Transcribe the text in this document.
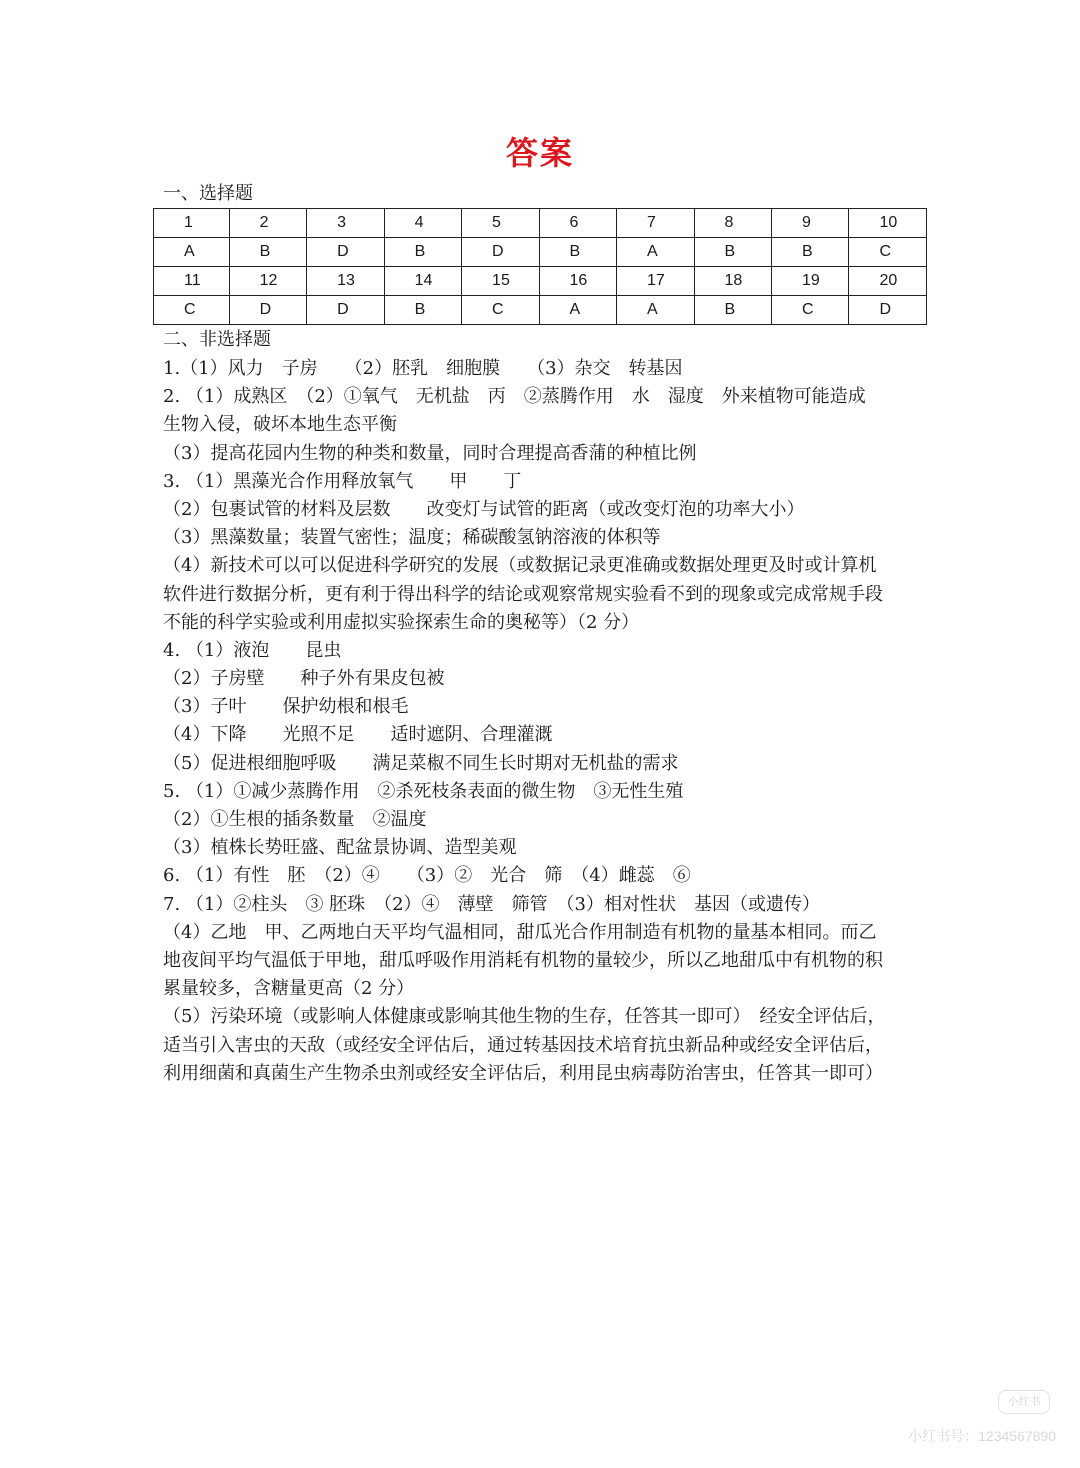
答案
一、选择题
1	2	3	4	5	6	7	8	9	10
A	B	D	B	D	B	A	B	B	C
11	12	13	14	15	16	17	18	19	20
C	D	D	B	C	A	A	B	C	D
二、非选择题
1.（1）风力　子房　　（2）胚乳　细胞膜　　（3）杂交　转基因
2. （1）成熟区　（2）①氧气　无机盐　丙　②蒸腾作用　水　湿度　外来植物可能造成
生物入侵，破坏本地生态平衡
（3）提高花园内生物的种类和数量，同时合理提高香蒲的种植比例
3. （1）黑藻光合作用释放氧气　　甲　　丁
（2）包裹试管的材料及层数　　改变灯与试管的距离（或改变灯泡的功率大小）
（3）黑藻数量；装置气密性；温度；稀碳酸氢钠溶液的体积等
（4）新技术可以可以促进科学研究的发展（或数据记录更准确或数据处理更及时或计算机
软件进行数据分析，更有利于得出科学的结论或观察常规实验看不到的现象或完成常规手段
不能的科学实验或利用虚拟实验探索生命的奥秘等）（2 分）
4. （1）液泡　　昆虫
（2）子房壁　　种子外有果皮包被
（3）子叶　　保护幼根和根毛
（4）下降　　光照不足　　适时遮阴、合理灌溉
（5）促进根细胞呼吸　　满足菜椒不同生长时期对无机盐的需求
5. （1）①减少蒸腾作用　②杀死枝条表面的微生物　③无性生殖
（2）①生根的插条数量　②温度
（3）植株长势旺盛、配盆景协调、造型美观
6. （1）有性　胚　（2）④　　（3）②　光合　筛　（4）雌蕊　⑥
7. （1）②柱头　③ 胚珠　（2）④　薄壁　筛管　（3）相对性状　基因（或遗传）
（4）乙地　甲、乙两地白天平均气温相同，甜瓜光合作用制造有机物的量基本相同。而乙
地夜间平均气温低于甲地，甜瓜呼吸作用消耗有机物的量较少，所以乙地甜瓜中有机物的积
累量较多，含糖量更高（2 分）
（5）污染环境（或影响人体健康或影响其他生物的生存，任答其一即可）　经安全评估后，
适当引入害虫的天敌（或经安全评估后，通过转基因技术培育抗虫新品种或经安全评估后，
利用细菌和真菌生产生物杀虫剂或经安全评估后，利用昆虫病毒防治害虫，任答其一即可）
小红书
小红书号：1234567890
